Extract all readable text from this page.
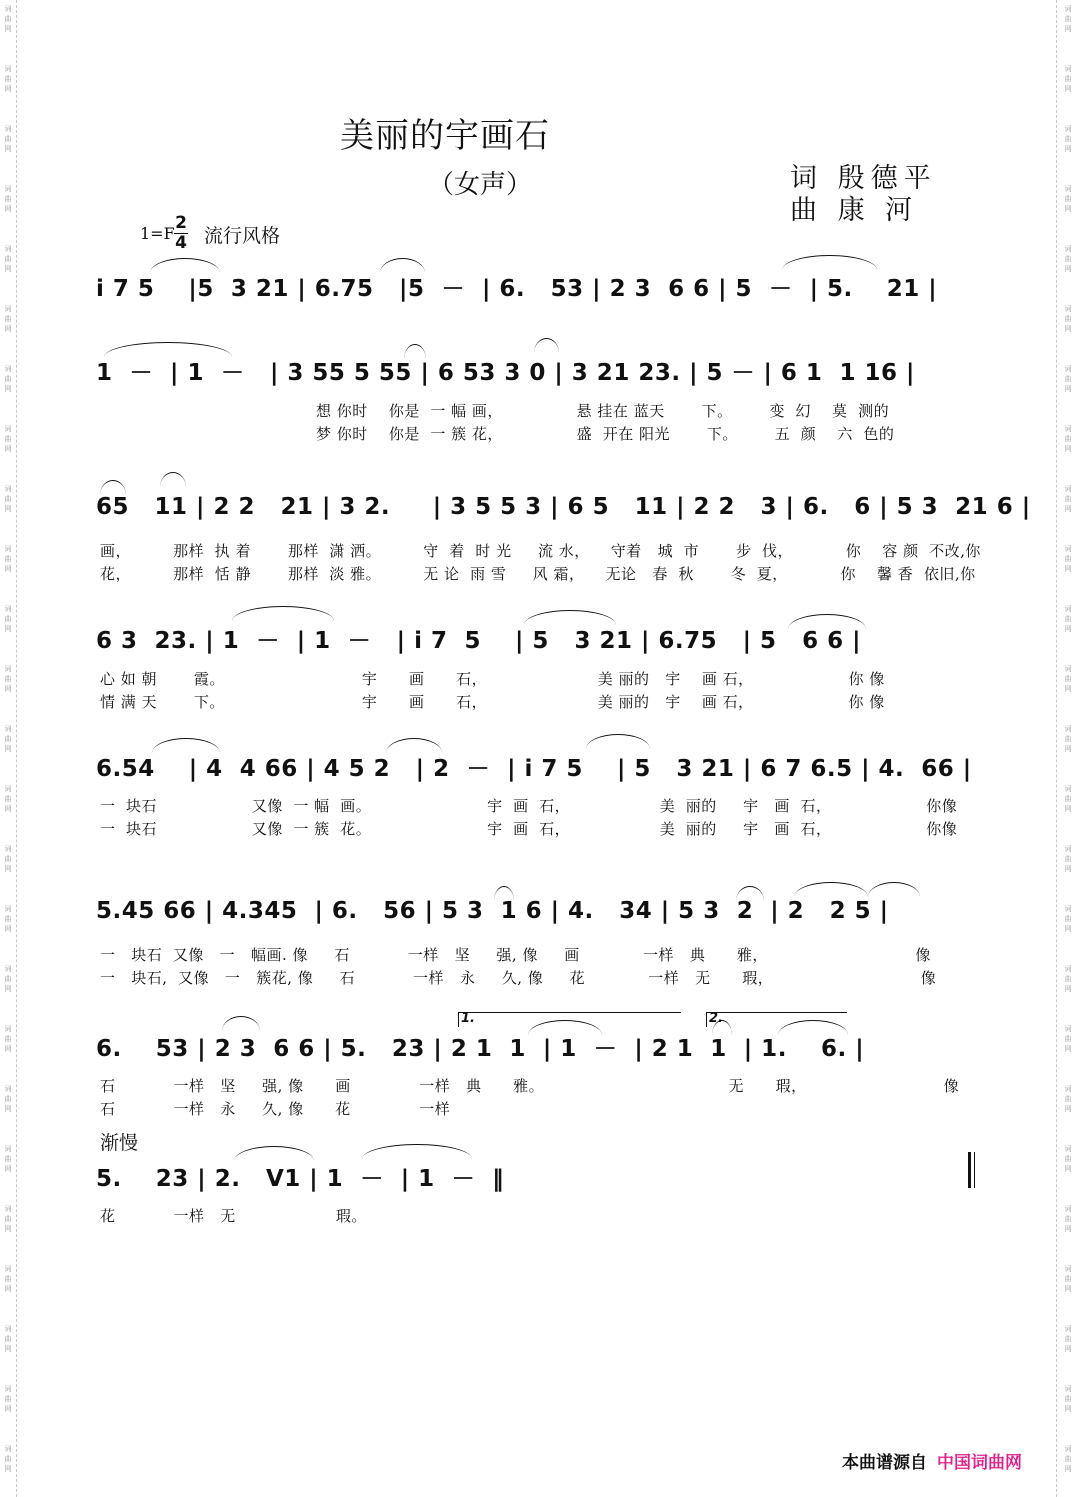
词
曲
网
词
曲
网
词
曲
网
词
曲
网
词
曲
网
词
曲
网
词
曲
网
词
曲
网
词
曲
网
词
曲
网
词
曲
网
词
曲
网
词
曲
网
词
曲
网
词
曲
网
词
曲
网
词
曲
网
词
曲
网
词
曲
网
词
曲
网
词
曲
网
词
曲
网
词
曲
网
词
曲
网
词
曲
网
词
曲
网
词
曲
网
词
曲
网
词
曲
网
词
曲
网
词
曲
网
词
曲
网
词
曲
网
词
曲
网
词
曲
网
词
曲
网
词
曲
网
词
曲
网
词
曲
网
词
曲
网
词
曲
网
词
曲
网
词
曲
网
词
曲
网
词
曲
网
词
曲
网
词
曲
网
词
曲
网
词
曲
网
词
曲
网
美丽的宇画石
（女声）	词 殷德平
曲 康 河
1=F
2
4 流行风格
i 7 5    |5  3 21 | 6.75   |5  －  | 6.   53 | 2 3  6 6 | 5  －  | 5.    21 |
1  －  | 1  －   | 3 55 5 55 | 6 53 3 0 | 3 21 23. | 5 － | 6 1  1 16 |
想 你时    你是  一 幅 画，              悬 挂在 蓝天       下。       变  幻    莫  测的
梦 你时    你是  一 簇 花，              盛  开在 阳光       下。       五  颜    六  色的
65   11 | 2 2   21 | 3 2.     | 3 5 5 3 | 6 5   11 | 2 2   3 | 6.   6 | 5 3  21 6 |
画，        那样  执 着       那样  潇 洒。        守  着  时 光     流 水，    守着   城  市       步  伐，          你    容 颜  不改,你
花，        那样  恬 静       那样  淡 雅。        无 论  雨 雪     风 霜，    无论   春  秋       冬  夏，          你    馨 香  依旧,你
6 3  23. | 1  －  | 1  －   | i 7  5    | 5   3 21 | 6.75   | 5   6 6 |
心 如 朝       霞。                          宇      画      石，                     美 丽的   宇    画 石，                  你 像
情 满 天       下。                          宇      画      石，                     美 丽的   宇    画 石，                  你 像
6.54    | 4  4 66 | 4 5 2   | 2  －  | i 7 5    | 5   3 21 | 6 7 6.5 | 4.  66 |
一  块石                  又像  一 幅  画。                      宇  画  石，                 美  丽的     宇   画  石，                  你像
一  块石                  又像  一 簇  花。                      宇  画  石，                 美  丽的     宇   画  石，                  你像
5.45 66 | 4.345  | 6.   56 | 5 3  1 6 | 4.   34 | 5 3  2  | 2   2 5 |
一   块石  又像   一   幅画. 像     石           一样   坚     强, 像     画            一样   典      雅，                            像
一   块石,  又像   一   簇花, 像     石           一样   永     久, 像     花            一样   无      瑕，                            像
1.	2.
6.    53 | 2 3  6 6 | 5.   23 | 2 1  1  | 1  －  | 2 1  1  | 1.    6. |
石           一样   坚     强, 像      画             一样   典      雅。                                   无      瑕，                          像
石           一样   永     久, 像      花             一样
渐慢
5.    23 | 2.   V1 | 1  －  | 1  －  ‖
花           一样   无                   瑕。
本曲谱源自 中国词曲网
